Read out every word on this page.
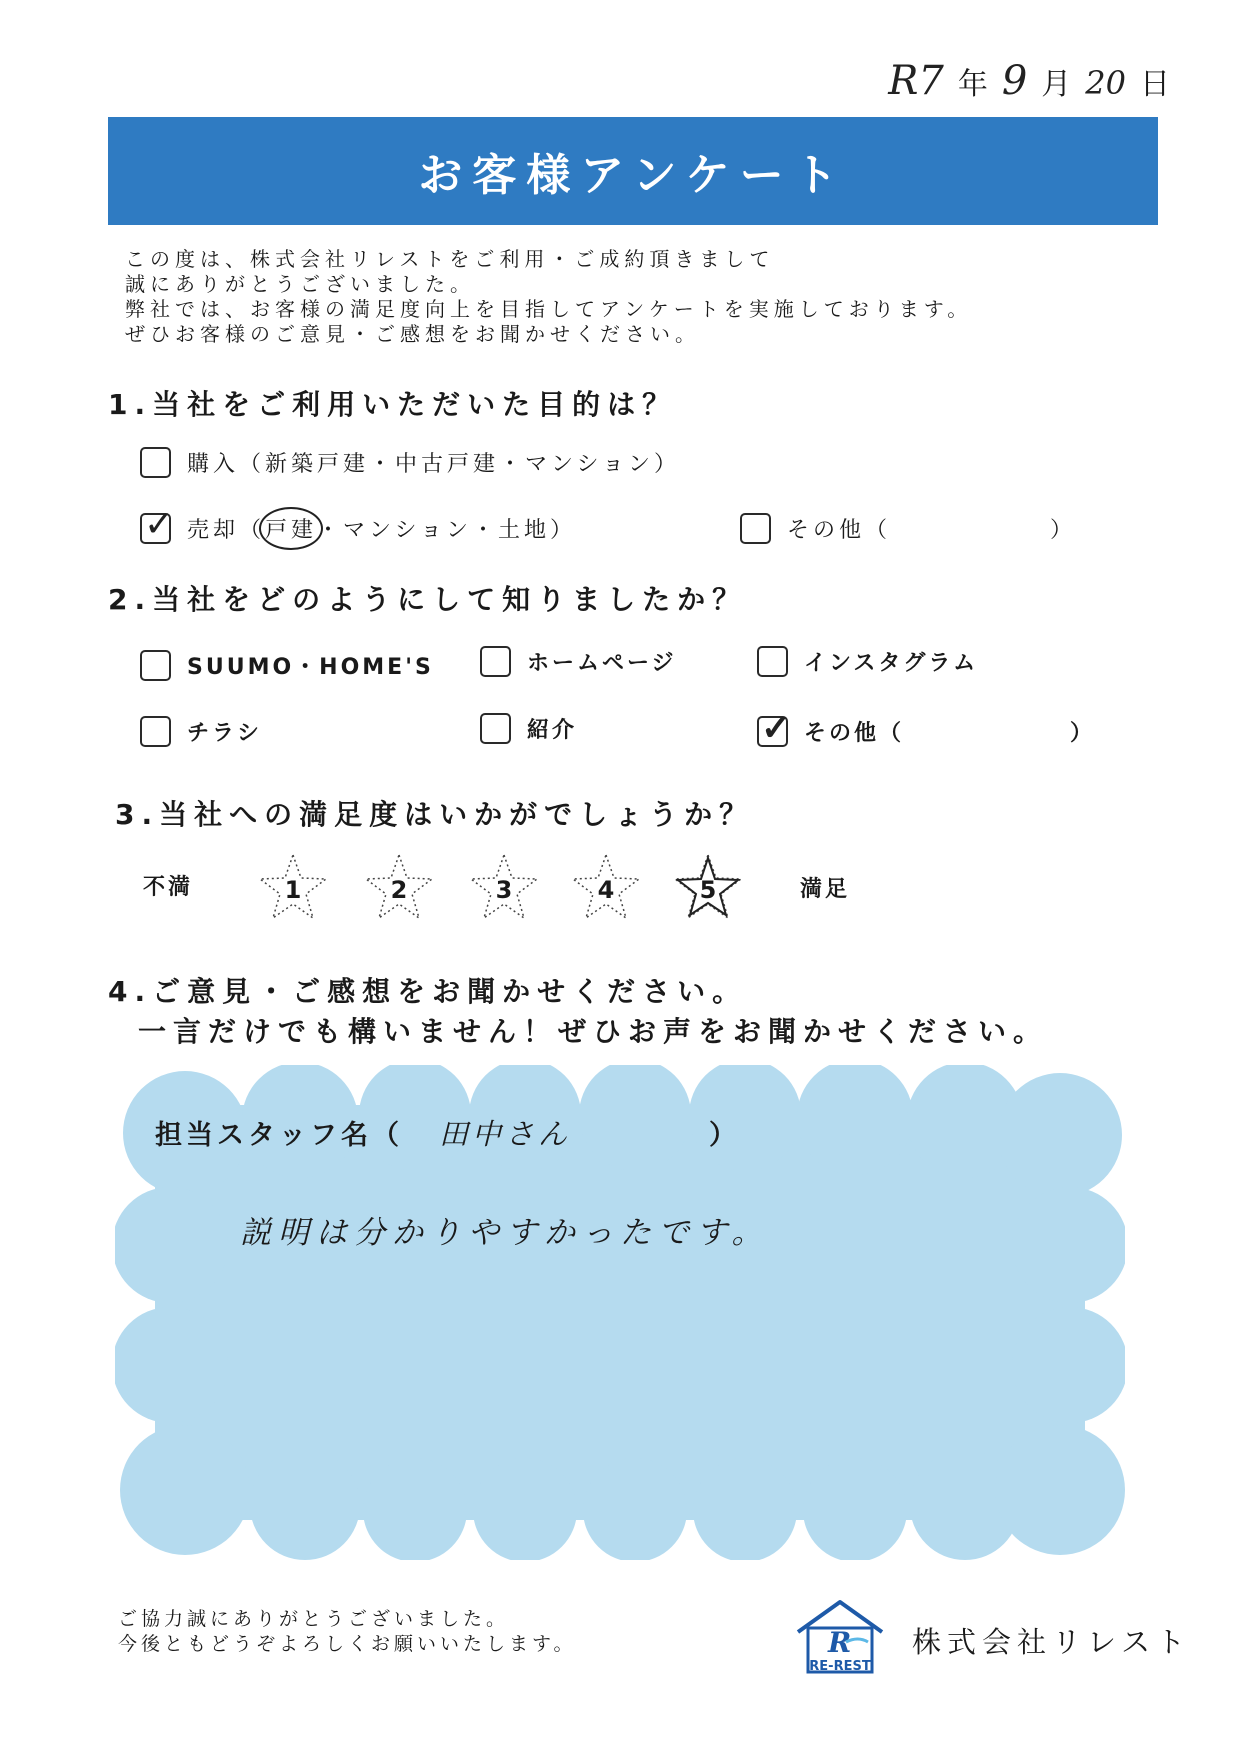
R7 年 9 月 20 日
お客様アンケート
この度は、株式会社リレストをご利用・ご成約頂きまして
誠にありがとうございました。
弊社では、お客様の満足度向上を目指してアンケートを実施しております。
ぜひお客様のご意見・ご感想をお聞かせください。
1.当社をご利用いただいた目的は？
購入（新築戸建・中古戸建・マンション）
✓ 売却（ 戸建 ・マンション・土地）	その他（	）
2.当社をどのようにして知りましたか？
SUUMO・HOME'S	ホームページ	インスタグラム
チラシ	紹介	✓ その他（	）
3.当社への満足度はいかがでしょうか？
不満	満足
1	2	3	4	5
4.ご意見・ご感想をお聞かせください。
一言だけでも構いません！ぜひお声をお聞かせください。
担当スタッフ名（ 田中さん	）
説明は分かりやすかったです。
ご協力誠にありがとうございました。
今後ともどうぞよろしくお願いいたします。	R
RE-REST
株式会社リレスト
